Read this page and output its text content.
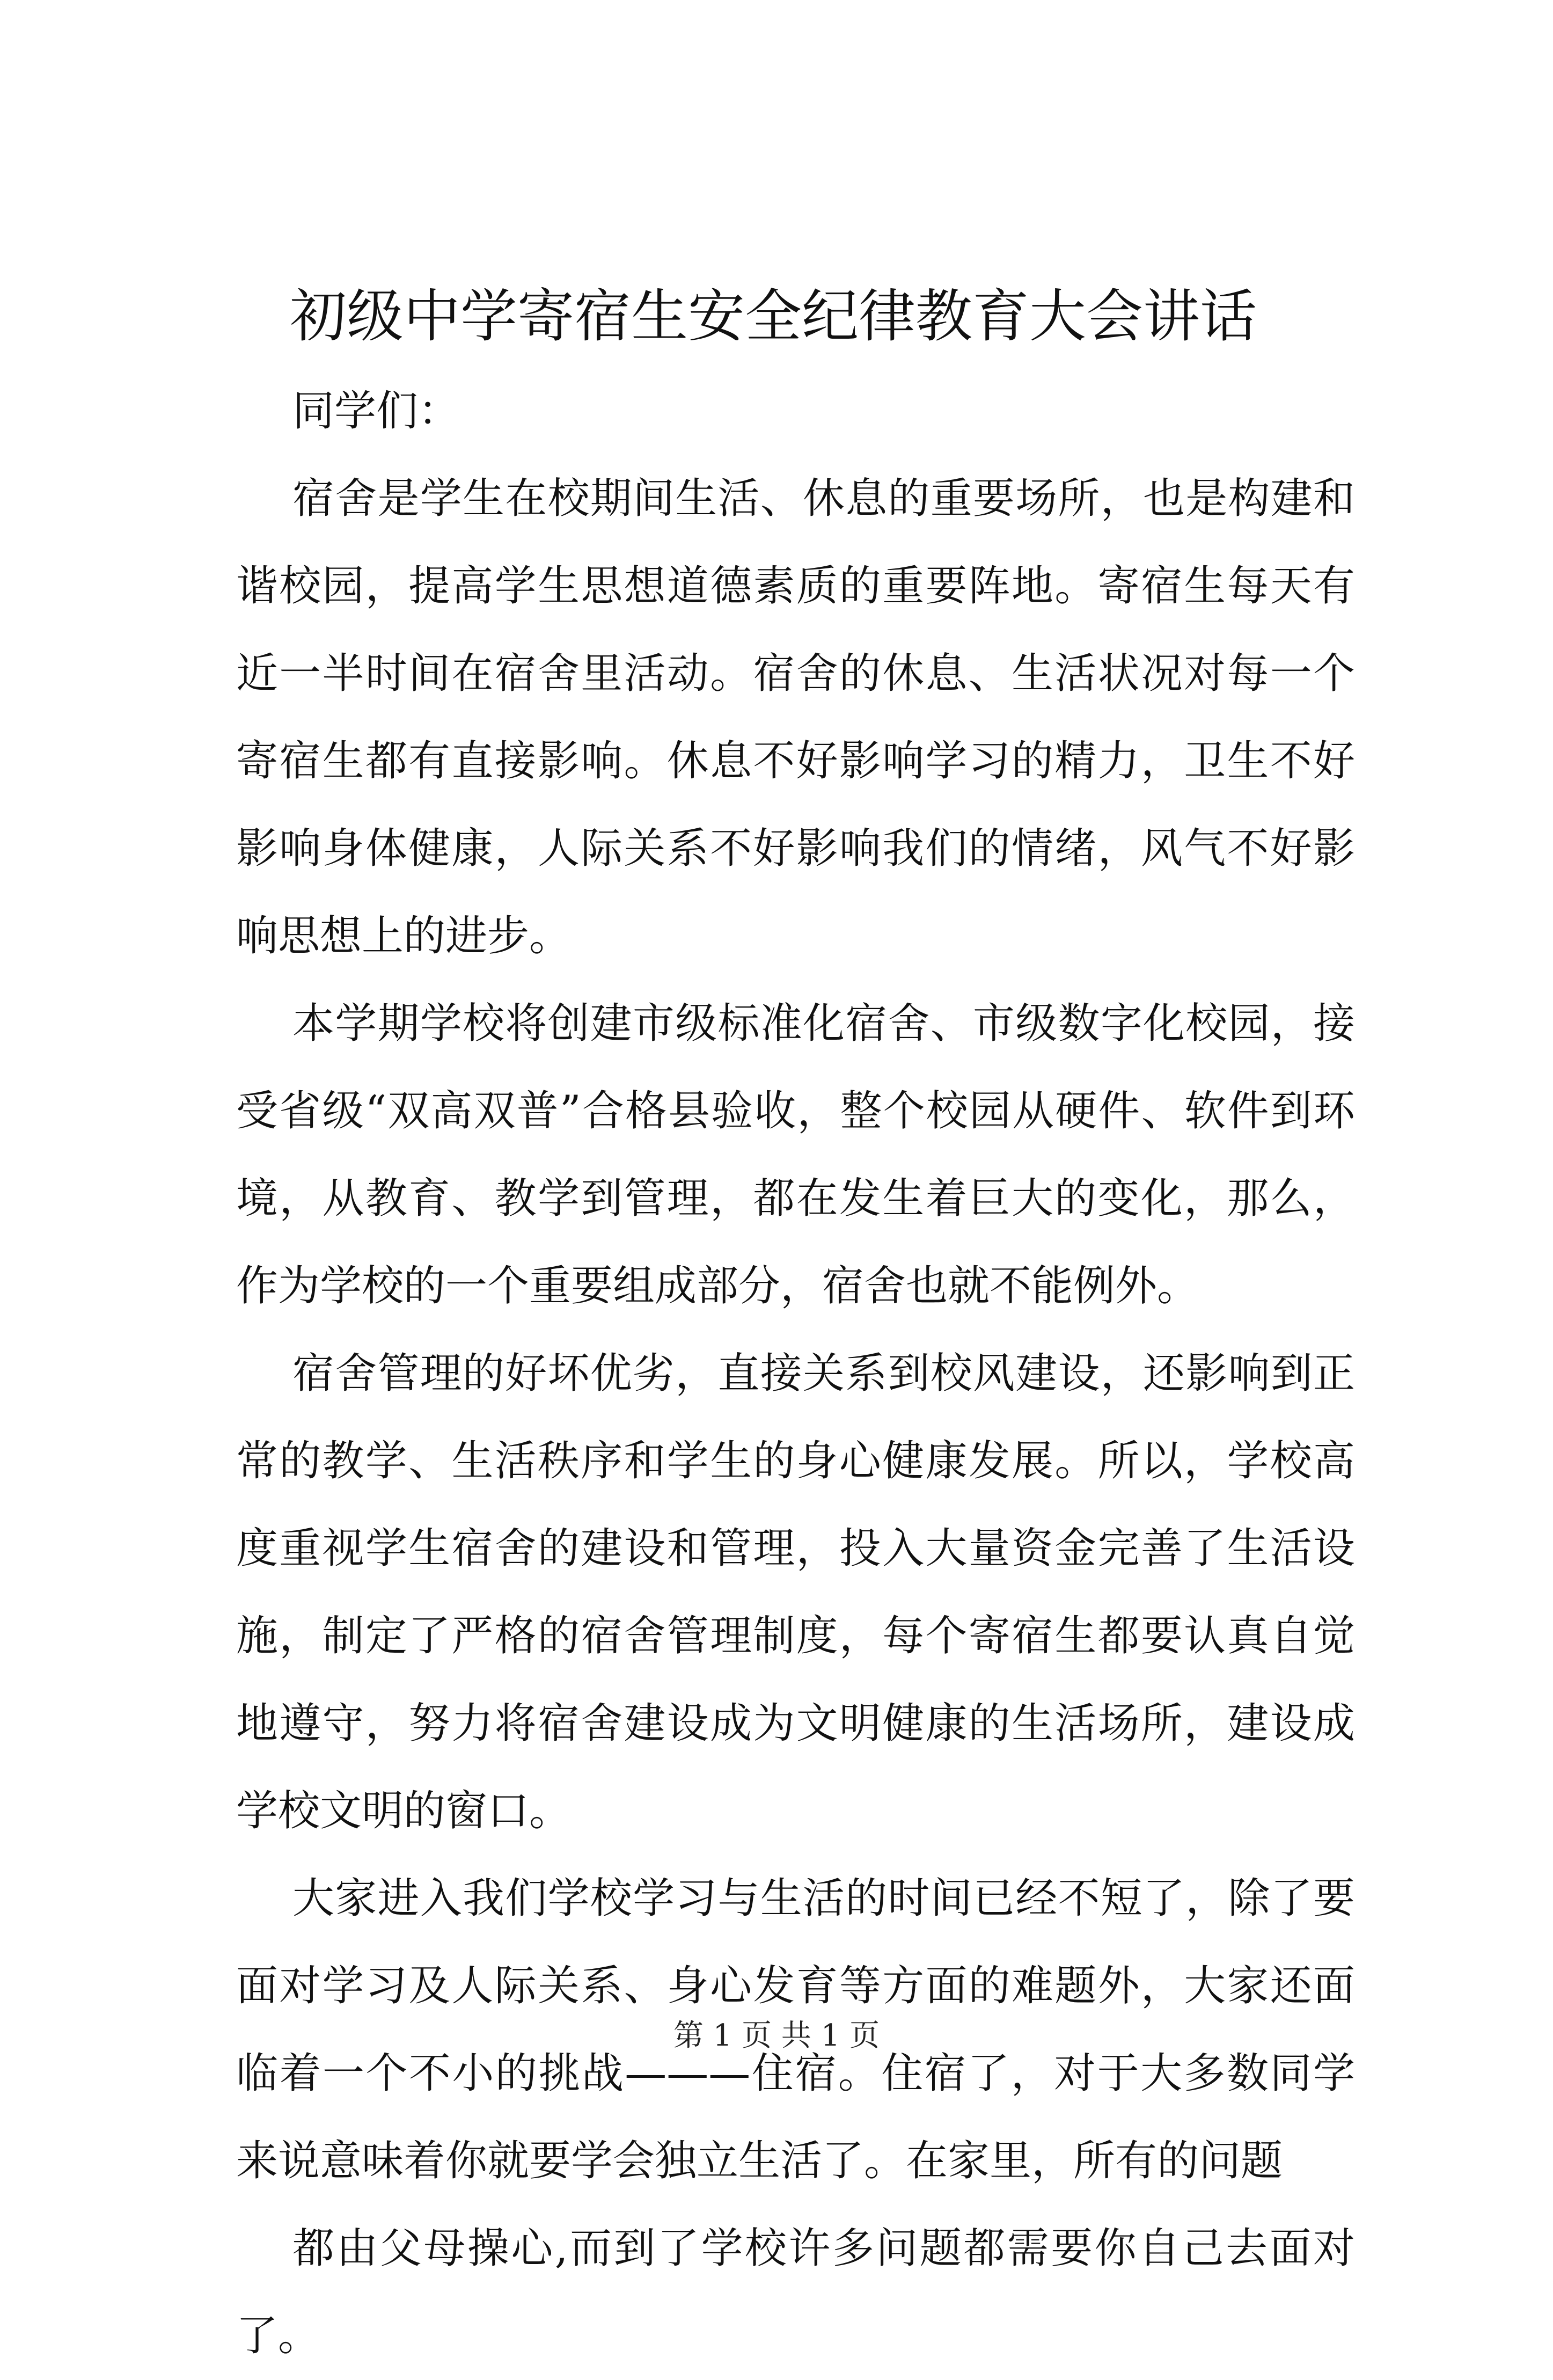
初级中学寄宿生安全纪律教育大会讲话

同学们：

宿舍是学生在校期间生活、休息的重要场所，也是构建和谐校园，提高学生思想道德素质的重要阵地。寄宿生每天有近一半时间在宿舍里活动。宿舍的休息、生活状况对每一个寄宿生都有直接影响。休息不好影响学习的精力，卫生不好影响身体健康，人际关系不好影响我们的情绪，风气不好影响思想上的进步。

本学期学校将创建市级标准化宿舍、市级数字化校园，接受省级“双高双普”合格县验收，整个校园从硬件、软件到环境，从教育、教学到管理，都在发生着巨大的变化，那么，作为学校的一个重要组成部分，宿舍也就不能例外。

宿舍管理的好坏优劣，直接关系到校风建设，还影响到正常的教学、生活秩序和学生的身心健康发展。所以，学校高度重视学生宿舍的建设和管理，投入大量资金完善了生活设施，制定了严格的宿舍管理制度，每个寄宿生都要认真自觉地遵守，努力将宿舍建设成为文明健康的生活场所，建设成学校文明的窗口。

大家进入我们学校学习与生活的时间已经不短了，除了要面对学习及人际关系、身心发育等方面的难题外，大家还面临着一个不小的挑战———住宿。住宿了，对于大多数同学来说意味着你就要学会独立生活了。在家里，所有的问题

都由父母操心,而到了学校许多问题都需要你自己去面对了。

第 1 页 共 1 页
